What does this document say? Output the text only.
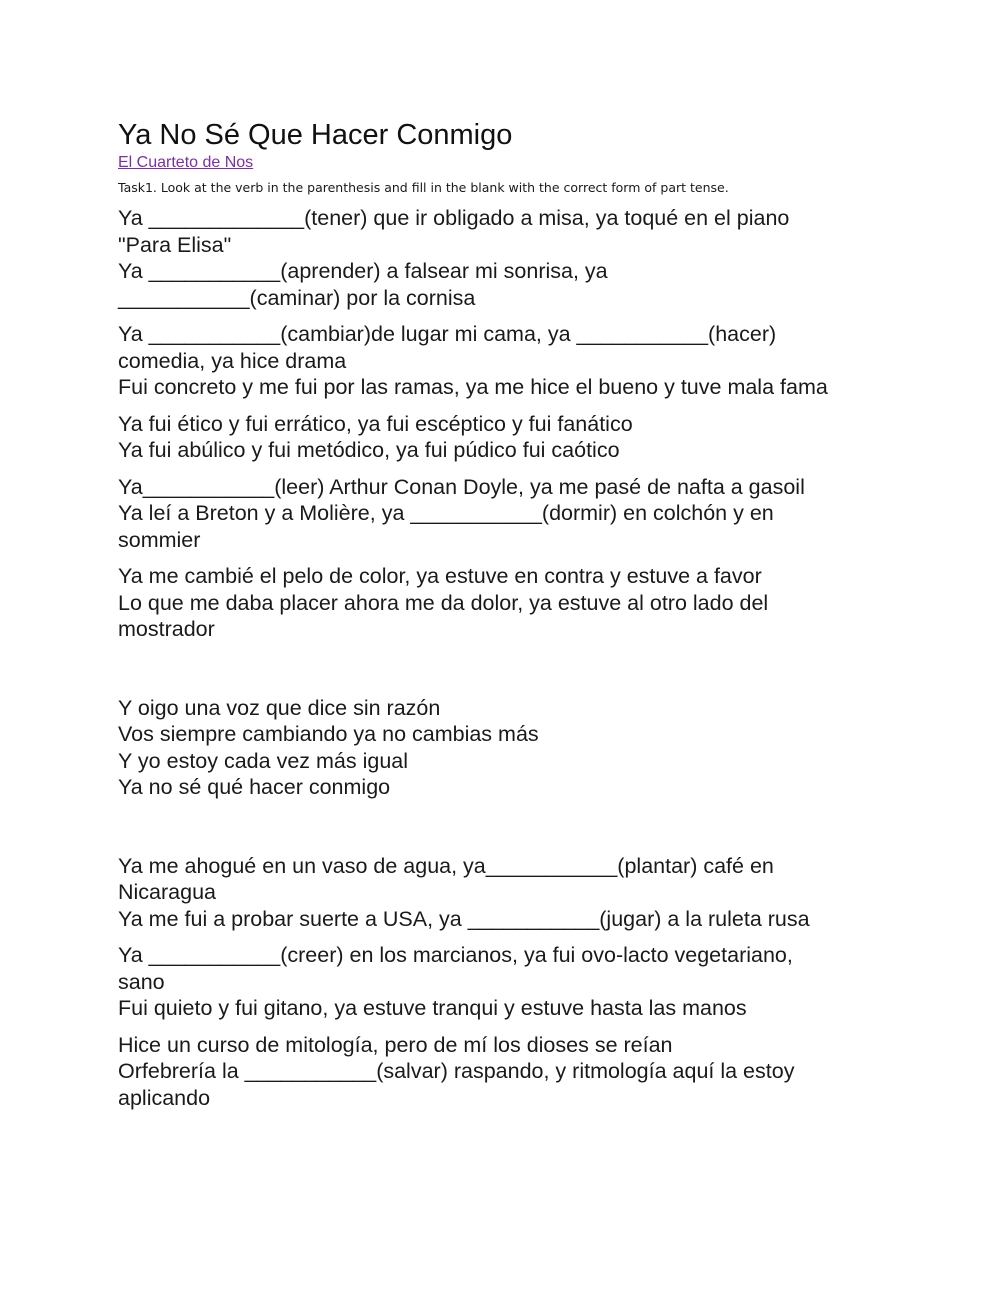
Ya No Sé Que Hacer Conmigo
El Cuarteto de Nos
Task1. Look at the verb in the parenthesis and fill in the blank with the correct form of part tense.
Ya _____________(tener) que ir obligado a misa, ya toqué en el piano
"Para Elisa"
Ya ___________(aprender) a falsear mi sonrisa, ya
___________(caminar) por la cornisa
Ya ___________(cambiar)de lugar mi cama, ya ___________(hacer)
comedia, ya hice drama
Fui concreto y me fui por las ramas, ya me hice el bueno y tuve mala fama
Ya fui ético y fui errático, ya fui escéptico y fui fanático
Ya fui abúlico y fui metódico, ya fui púdico fui caótico
Ya___________(leer) Arthur Conan Doyle, ya me pasé de nafta a gasoil
Ya leí a Breton y a Molière, ya ___________(dormir) en colchón y en
sommier
Ya me cambié el pelo de color, ya estuve en contra y estuve a favor
Lo que me daba placer ahora me da dolor, ya estuve al otro lado del
mostrador
Y oigo una voz que dice sin razón
Vos siempre cambiando ya no cambias más
Y yo estoy cada vez más igual
Ya no sé qué hacer conmigo
Ya me ahogué en un vaso de agua, ya___________(plantar) café en
Nicaragua
Ya me fui a probar suerte a USA, ya ___________(jugar) a la ruleta rusa
Ya ___________(creer) en los marcianos, ya fui ovo-lacto vegetariano,
sano
Fui quieto y fui gitano, ya estuve tranqui y estuve hasta las manos
Hice un curso de mitología, pero de mí los dioses se reían
Orfebrería la ___________(salvar) raspando, y ritmología aquí la estoy
aplicando
